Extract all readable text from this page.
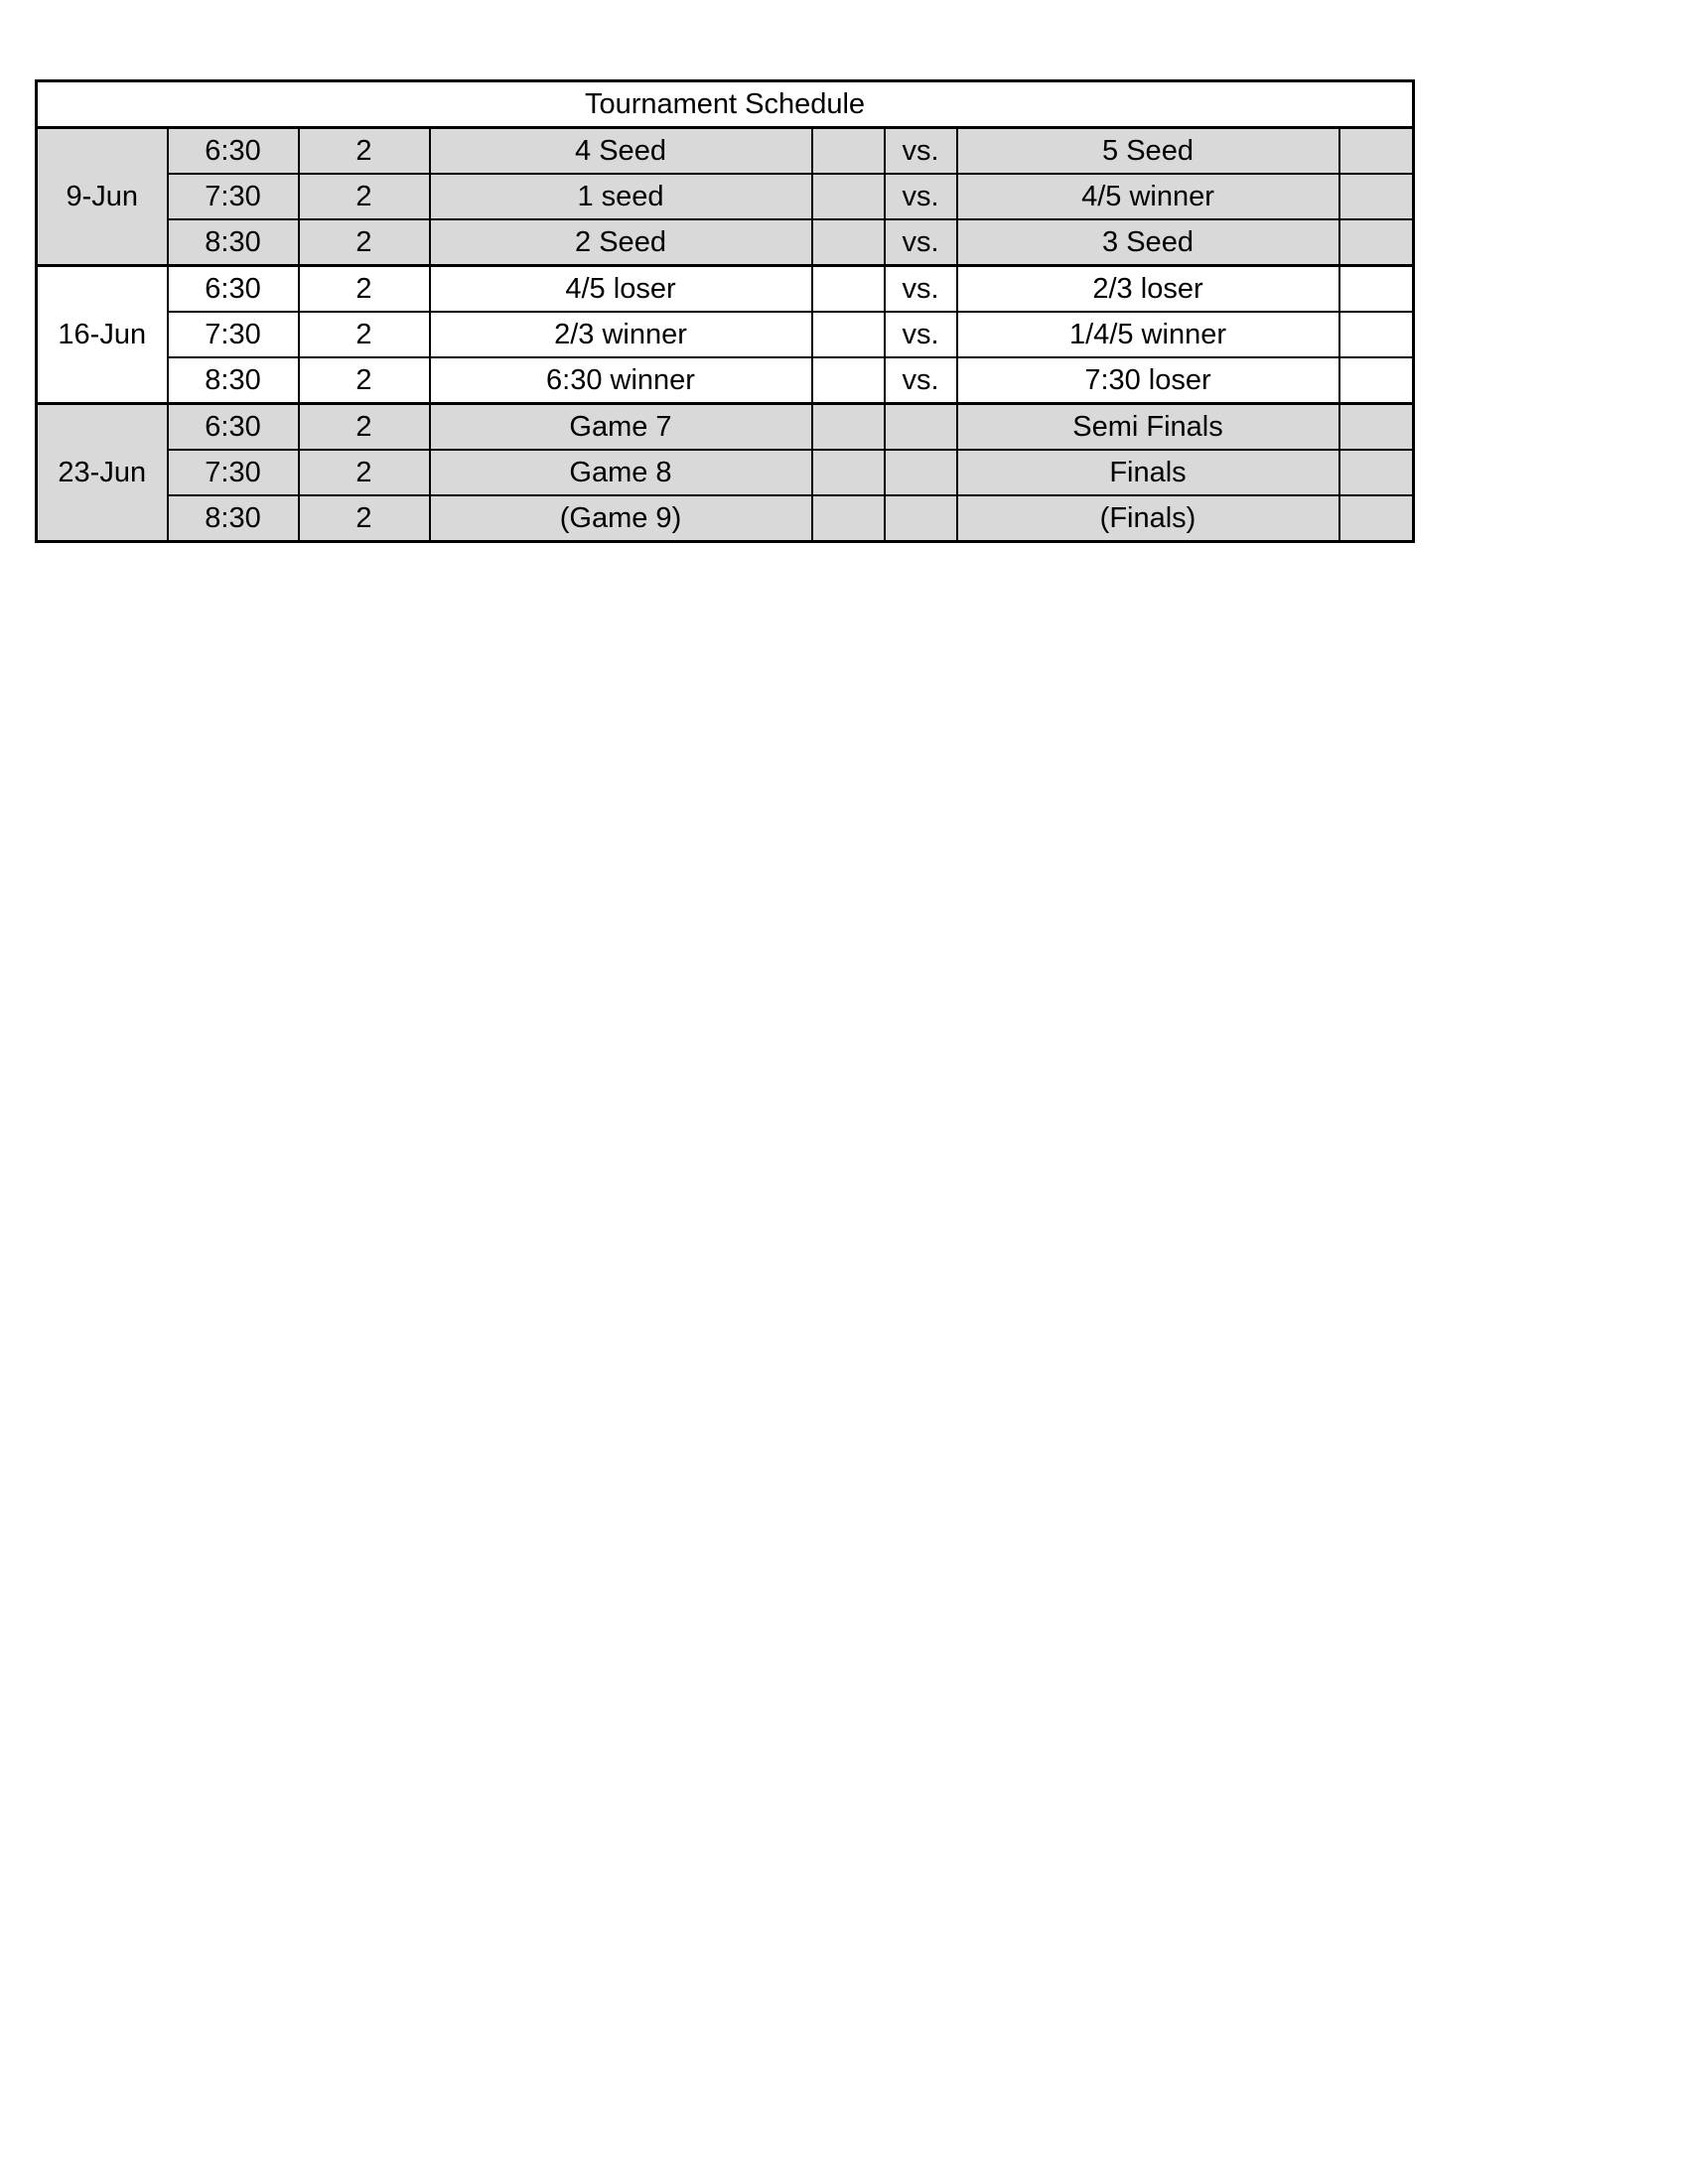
Tournament Schedule							
9-Jun	6:30	2	4 Seed		vs.	5 Seed	
	7:30	2	1 seed		vs.	4/5 winner	
	8:30	2	2 Seed		vs.	3 Seed	
16-Jun	6:30	2	4/5 loser		vs.	2/3 loser	
	7:30	2	2/3 winner		vs.	1/4/5 winner	
	8:30	2	6:30 winner		vs.	7:30 loser	
23-Jun	6:30	2	Game 7			Semi Finals	
	7:30	2	Game 8			Finals	
	8:30	2	(Game 9)			(Finals)	
